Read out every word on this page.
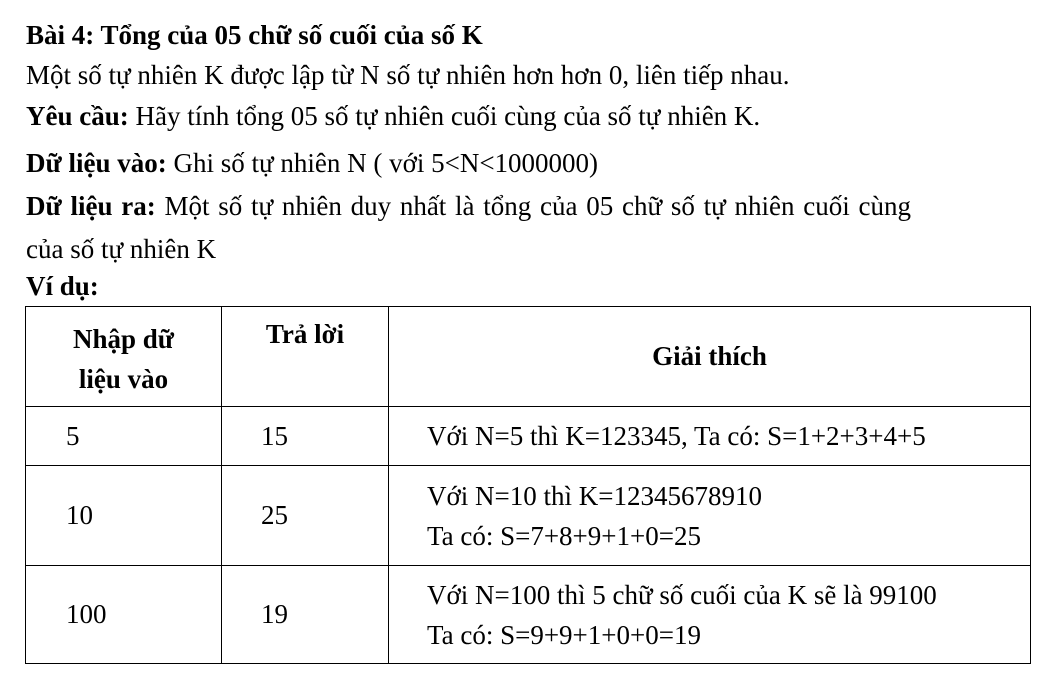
Bài 4: Tổng của 05 chữ số cuối của số K
Một số tự nhiên K được lập từ N số tự nhiên hơn hơn 0, liên tiếp nhau.
Yêu cầu: Hãy tính tổng 05 số tự nhiên cuối cùng của số tự nhiên K.
Dữ liệu vào: Ghi số tự nhiên N ( với 5<N<1000000)
Dữ liệu ra: Một số tự nhiên duy nhất là tổng của 05 chữ số tự nhiên cuối cùng
của số tự nhiên K
Ví dụ:
Nhập dữ
liệu vào	Trả lời	Giải thích
5	15	Với N=5 thì K=123345, Ta có: S=1+2+3+4+5

10	25	Với N=10 thì K=12345678910
Ta có: S=7+8+9+1+0=25

100	19	Với N=100 thì 5 chữ số cuối của K sẽ là 99100
Ta có: S=9+9+1+0+0=19
